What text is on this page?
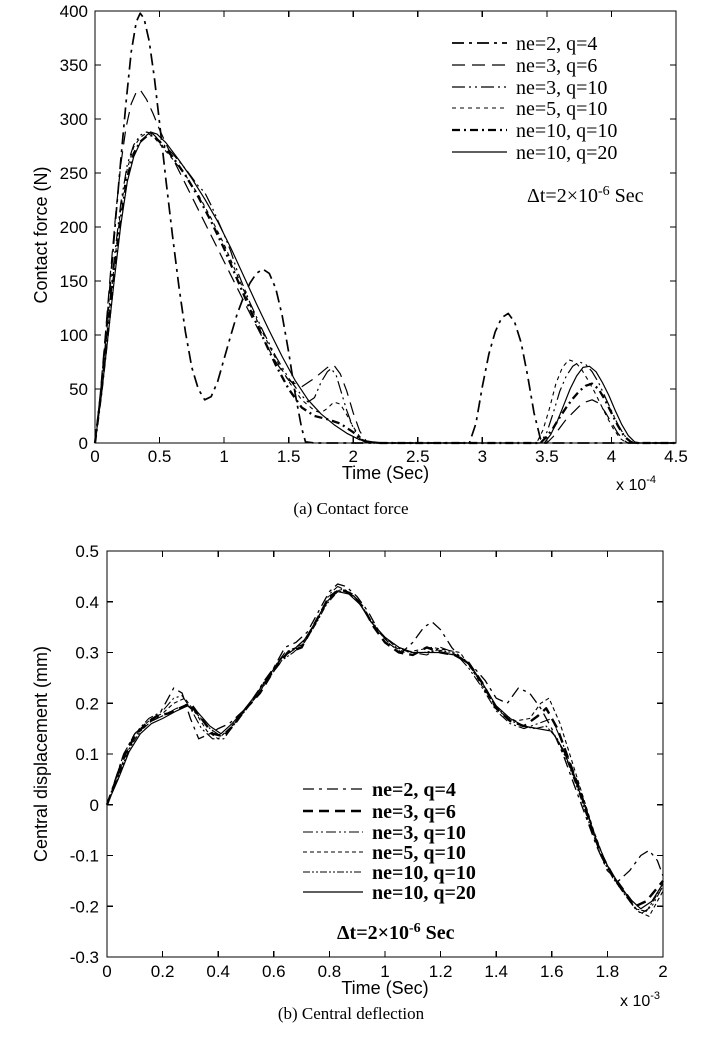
0	0.5	1	1.5	2	2.5	3	3.5	4	4.5
0
50
100
150
200
250
300
350
400
Time (Sec)
x $10^{-4}$
Contact force (N)
ne=2, q=4
ne=3, q=6
ne=3, q=10
ne=5, q=10
ne=10, q=10
ne=10, q=20
$\Delta t=2\times 10^{-6}$ Sec
0 0.2 0.4 0.6 0.8 1 1.2 1.4 1.6 1.8 2
-0.3
-0.2
-0.1
0
0.1
0.2
0.3
0.4
0.5
Time (Sec)
x $10^{-3}$
Central displacement (mm)	ne=2, q=4
ne=3, q=6
ne=3, q=10
ne=5, q=10
ne=10, q=10
ne=10, q=20
$\Delta t=2\times 10^{-6}$ Sec
(a) Contact force
(b) Central deflection
